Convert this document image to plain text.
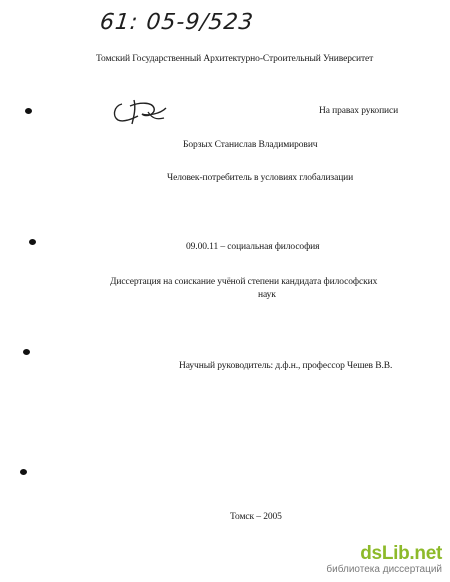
61: 05-9/523
Томский Государственный Архитектурно-Строительный Университет
На правах рукописи
Борзых Станислав Владимирович
Человек-потребитель в условиях глобализации
09.00.11 – социальная философия
Диссертация на соискание учёной степени кандидата философских
наук
Научный руководитель: д.ф.н., профессор Чешев В.В.
Томск – 2005
dsLib.net
библиотека диссертаций
